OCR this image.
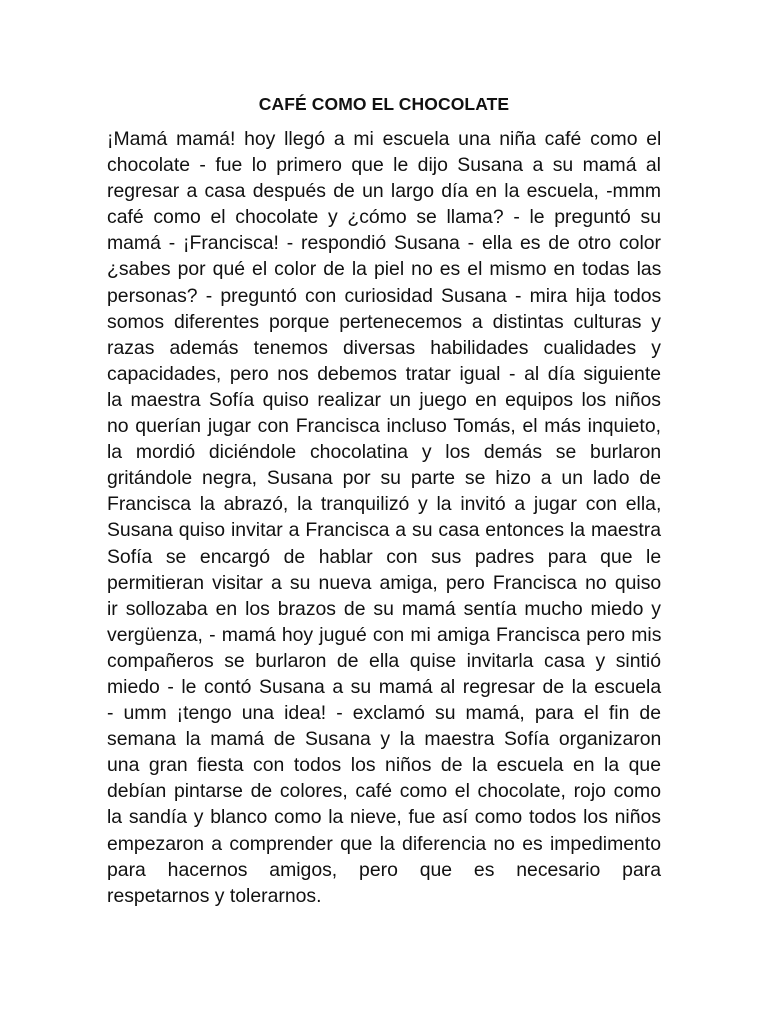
CAFÉ COMO EL CHOCOLATE
¡Mamá mamá! hoy llegó a mi escuela una niña café como el
chocolate - fue lo primero que le dijo Susana a su mamá al
regresar a casa después de un largo día en la escuela, -mmm
café como el chocolate y ¿cómo se llama? - le preguntó su
mamá - ¡Francisca! - respondió Susana - ella es de otro color
¿sabes por qué el color de la piel no es el mismo en todas las
personas? - preguntó con curiosidad Susana - mira hija todos
somos diferentes porque pertenecemos a distintas culturas y
razas además tenemos diversas habilidades cualidades y
capacidades, pero nos debemos tratar igual - al día siguiente
la maestra Sofía quiso realizar un juego en equipos los niños
no querían jugar con Francisca incluso Tomás, el más inquieto,
la mordió diciéndole chocolatina y los demás se burlaron
gritándole negra, Susana por su parte se hizo a un lado de
Francisca la abrazó, la tranquilizó y la invitó a jugar con ella,
Susana quiso invitar a Francisca a su casa entonces la maestra
Sofía se encargó de hablar con sus padres para que le
permitieran visitar a su nueva amiga, pero Francisca no quiso
ir sollozaba en los brazos de su mamá sentía mucho miedo y
vergüenza, - mamá hoy jugué con mi amiga Francisca pero mis
compañeros se burlaron de ella quise invitarla casa y sintió
miedo - le contó Susana a su mamá al regresar de la escuela
- umm ¡tengo una idea! - exclamó su mamá, para el fin de
semana la mamá de Susana y la maestra Sofía organizaron
una gran fiesta con todos los niños de la escuela en la que
debían pintarse de colores, café como el chocolate, rojo como
la sandía y blanco como la nieve, fue así como todos los niños
empezaron a comprender que la diferencia no es impedimento
para hacernos amigos, pero que es necesario para
respetarnos y tolerarnos.
